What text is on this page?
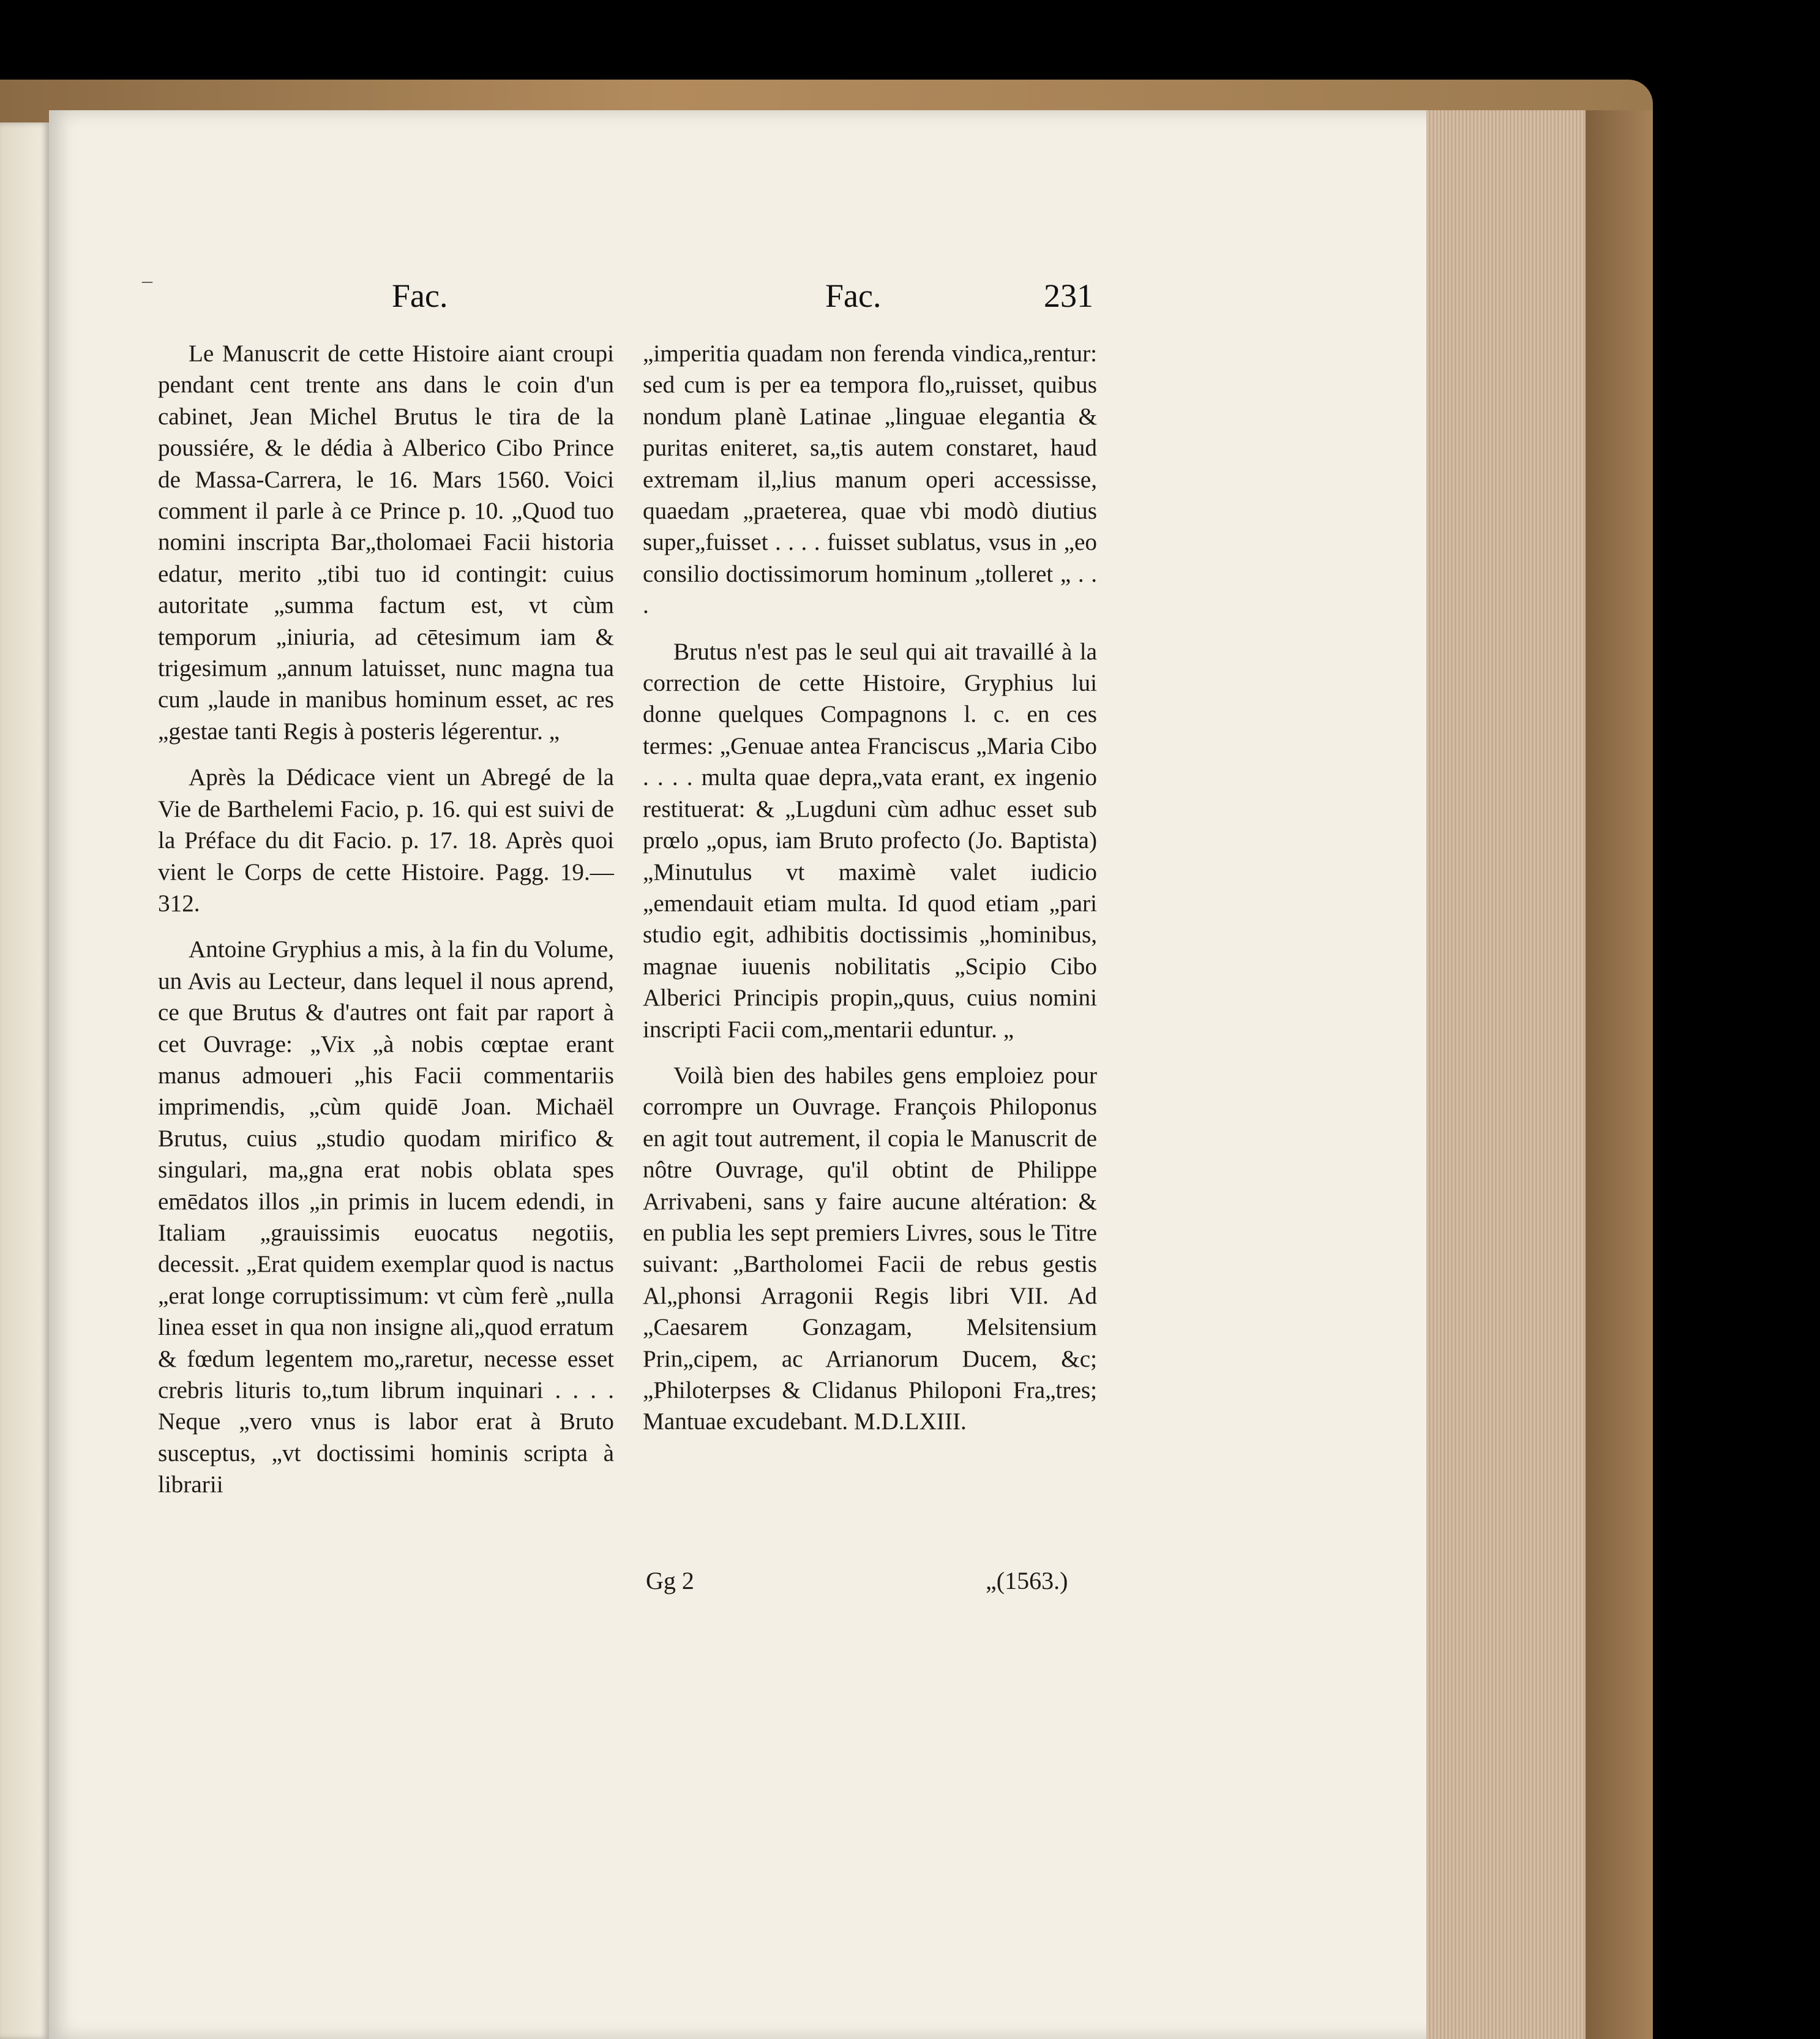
Fac.	Fac.	231
–

Le Manuscrit de cette Histoire aiant croupi pendant cent trente ans dans le coin d'un cabinet, Jean Michel Brutus le tira de la poussiére, & le dédia à Alberico Cibo Prince de Massa-Carrera, le 16. Mars 1560. Voici comment il parle à ce Prince p. 10. „Quod tuo nomini inscripta Bar„tholomaei Facii historia edatur, merito „tibi tuo id contingit: cuius autoritate „summa factum est, vt cùm temporum „iniuria, ad cētesimum iam & trigesimum „annum latuisset, nunc magna tua cum „laude in manibus hominum esset, ac res „gestae tanti Regis à posteris légerentur. „

Après la Dédicace vient un Abregé de la Vie de Barthelemi Facio, p. 16. qui est suivi de la Préface du dit Facio. p. 17. 18. Après quoi vient le Corps de cette Histoire. Pagg. 19.—312.

Antoine Gryphius a mis, à la fin du Volume, un Avis au Lecteur, dans lequel il nous aprend, ce que Brutus & d'autres ont fait par raport à cet Ouvrage: „Vix „à nobis cœptae erant manus admoueri „his Facii commentariis imprimendis, „cùm quidē Joan. Michaël Brutus, cuius „studio quodam mirifico & singulari, ma„gna erat nobis oblata spes emēdatos illos „in primis in lucem edendi, in Italiam „grauissimis euocatus negotiis, decessit. „Erat quidem exemplar quod is nactus „erat longe corruptissimum: vt cùm ferè „nulla linea esset in qua non insigne ali„quod erratum & fœdum legentem mo„raretur, necesse esset crebris lituris to„tum librum inquinari . . . . Neque „vero vnus is labor erat à Bruto susceptus, „vt doctissimi hominis scripta à librarii

„imperitia quadam non ferenda vindica„rentur: sed cum is per ea tempora flo„ruisset, quibus nondum planè Latinae „linguae elegantia & puritas eniteret, sa„tis autem constaret, haud extremam il„lius manum operi accessisse, quaedam „praeterea, quae vbi modò diutius super„fuisset . . . . fuisset sublatus, vsus in „eo consilio doctissimorum hominum „tolleret „ . . .

Brutus n'est pas le seul qui ait travaillé à la correction de cette Histoire, Gryphius lui donne quelques Compagnons l. c. en ces termes: „Genuae antea Franciscus „Maria Cibo . . . . multa quae depra„vata erant, ex ingenio restituerat: & „Lugduni cùm adhuc esset sub prœlo „opus, iam Bruto profecto (Jo. Baptista) „Minutulus vt maximè valet iudicio „emendauit etiam multa. Id quod etiam „pari studio egit, adhibitis doctissimis „hominibus, magnae iuuenis nobilitatis „Scipio Cibo Alberici Principis propin„quus, cuius nomini inscripti Facii com„mentarii eduntur. „

Voilà bien des habiles gens emploiez pour corrompre un Ouvrage. François Philoponus en agit tout autrement, il copia le Manuscrit de nôtre Ouvrage, qu'il obtint de Philippe Arrivabeni, sans y faire aucune altération: & en publia les sept premiers Livres, sous le Titre suivant: „Bartholomei Facii de rebus gestis Al„phonsi Arragonii Regis libri VII. Ad „Caesarem Gonzagam, Melsitensium Prin„cipem, ac Arrianorum Ducem, &c; „Philoterpses & Clidanus Philoponi Fra„tres; Mantuae excudebant. M.D.LXIII.

Gg 2	„(1563.)
